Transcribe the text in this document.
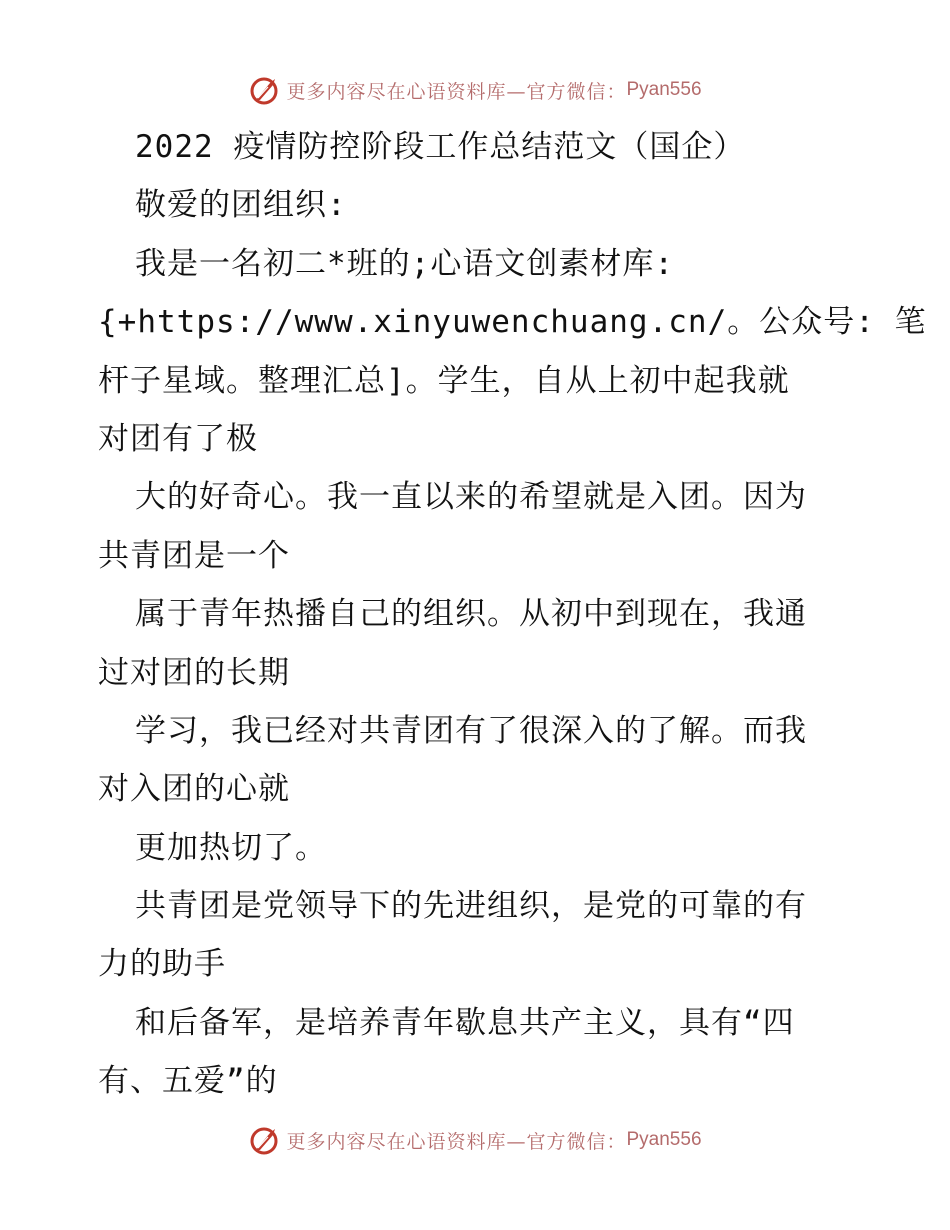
更多内容尽在心语资料库—官方微信： Pyan556
2022 疫情防控阶段工作总结范文（国企）
敬爱的团组织:
我是一名初二*班的;心语文创素材库:
{+https://www.xinyuwenchuang.cn/。公众号: 笔
杆子星域。整理汇总]。学生，自从上初中起我就
对团有了极
大的好奇心。我一直以来的希望就是入团。因为
共青团是一个
属于青年热播自己的组织。从初中到现在，我通
过对团的长期
学习，我已经对共青团有了很深入的了解。而我
对入团的心就
更加热切了。
共青团是党领导下的先进组织，是党的可靠的有
力的助手
和后备军，是培养青年歇息共产主义，具有“四
有、五爱”的
更多内容尽在心语资料库—官方微信： Pyan556
